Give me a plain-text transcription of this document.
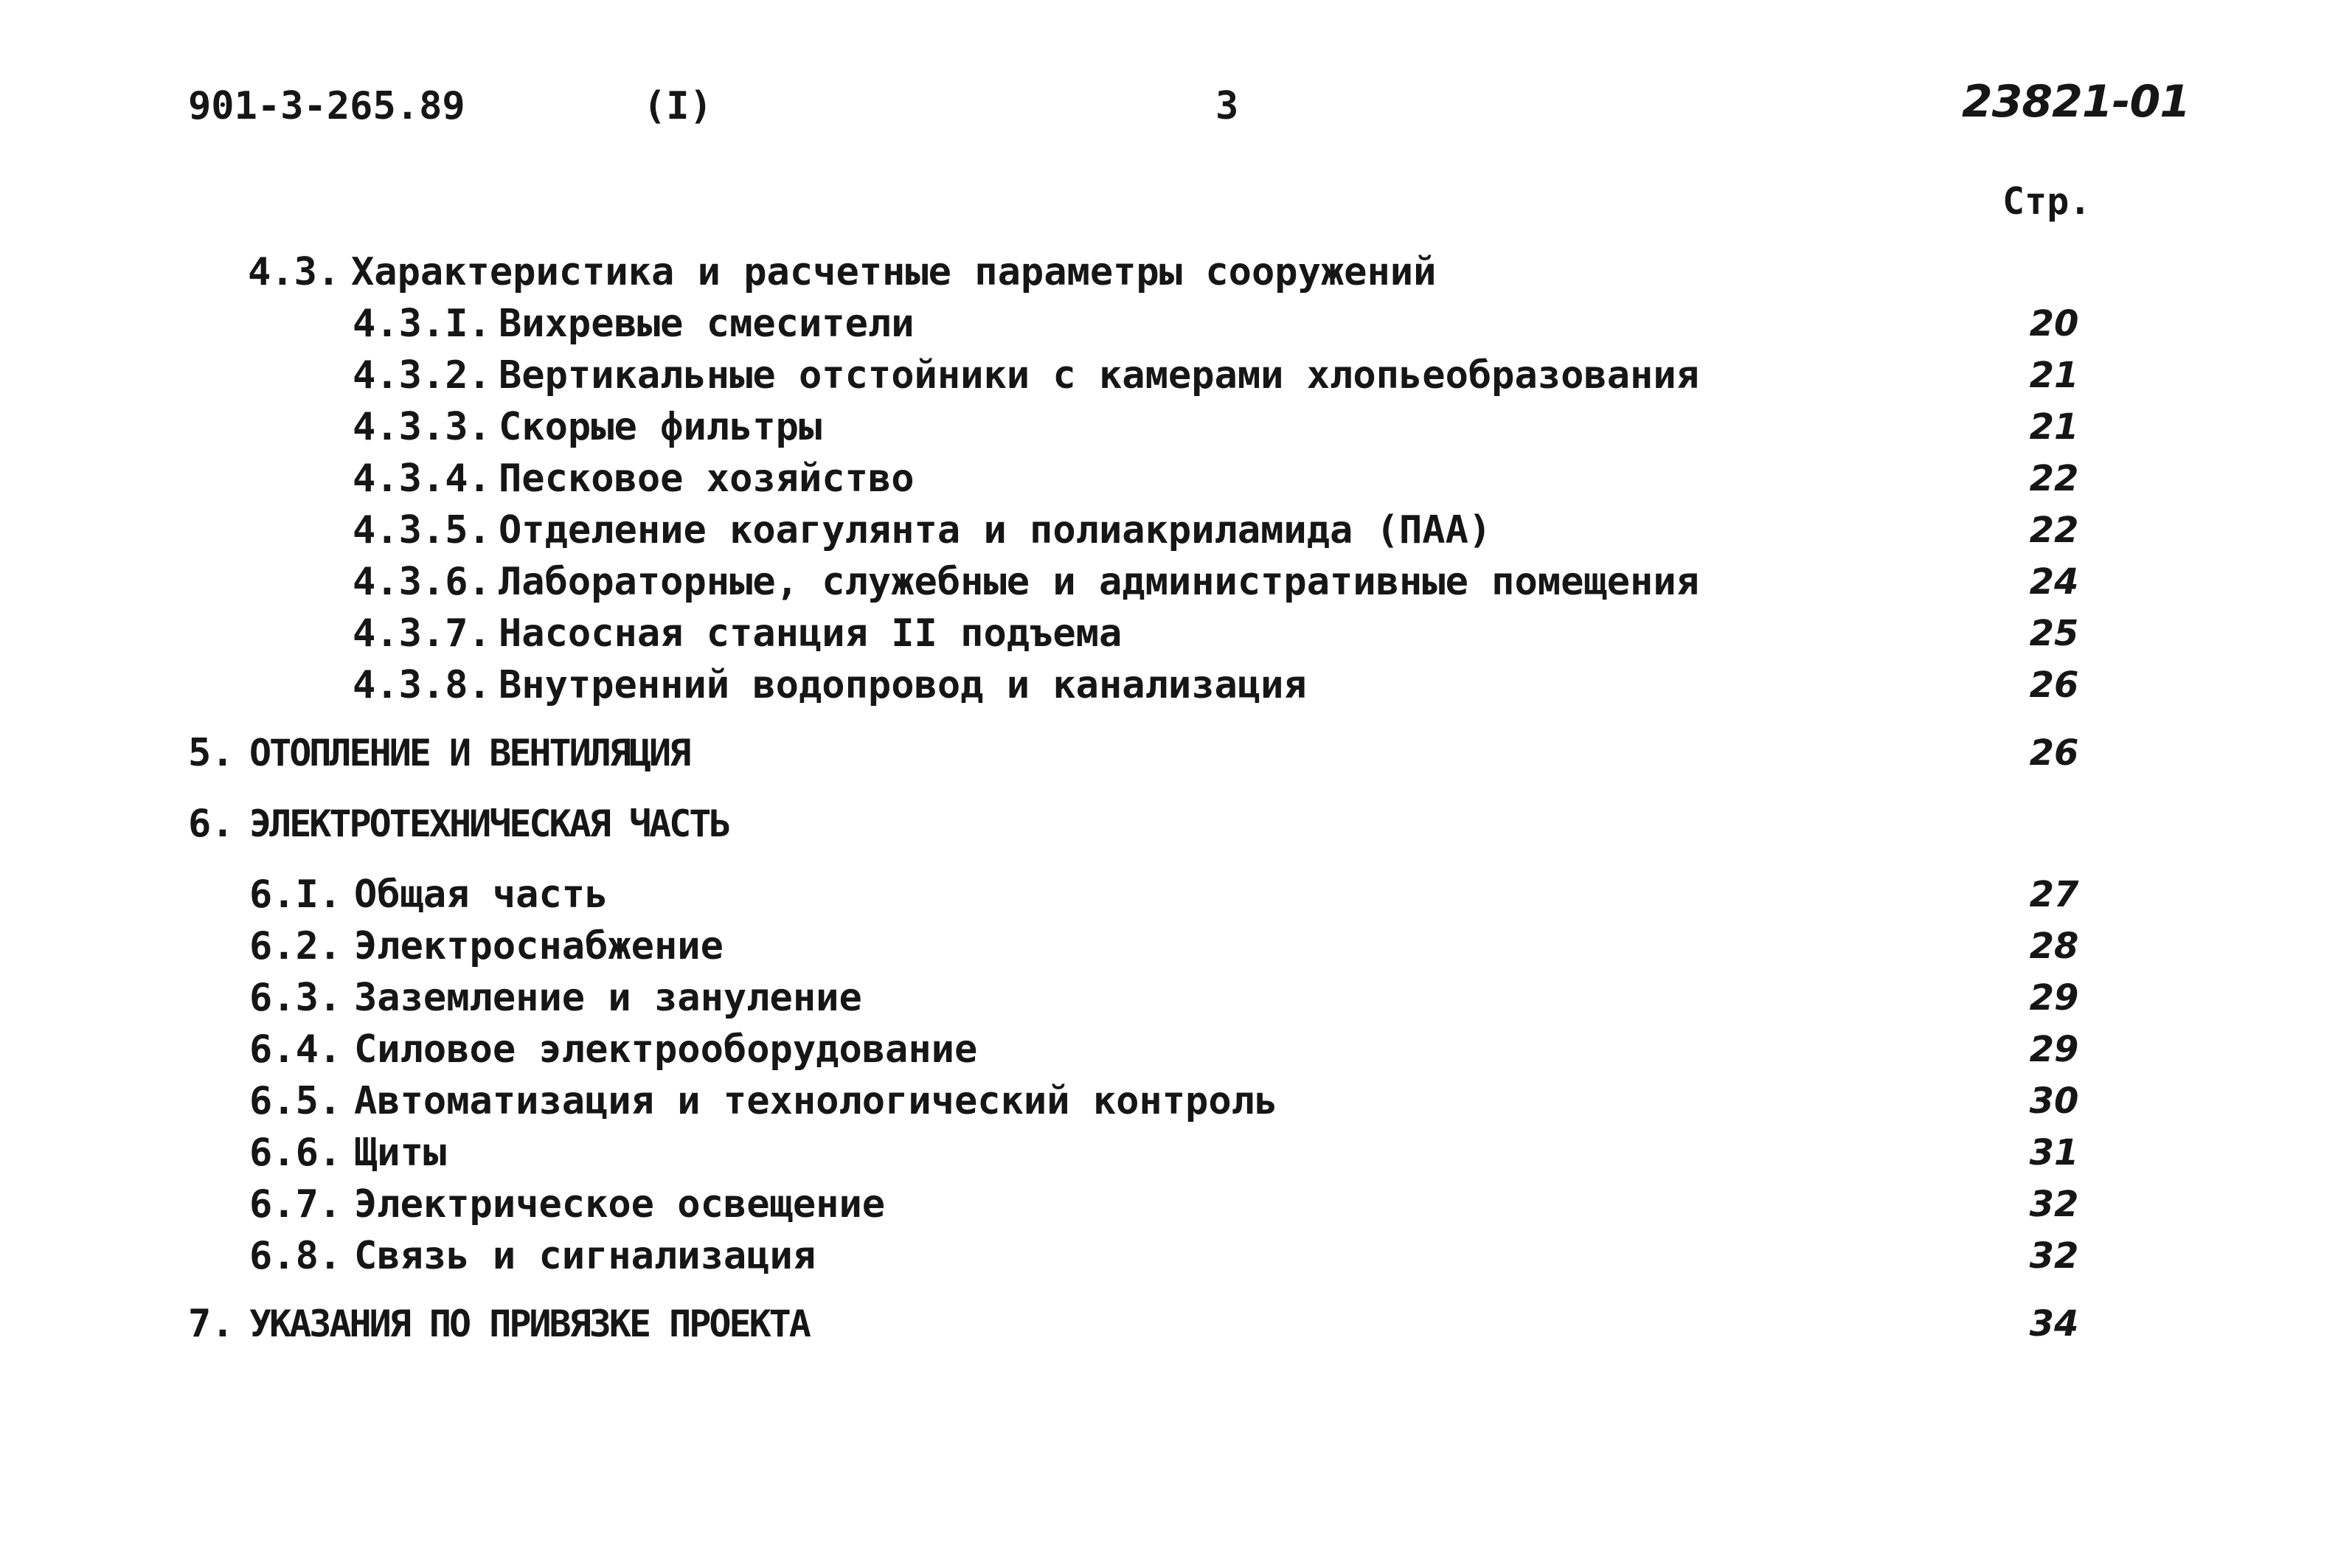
901-3-265.89	(I)	3	23821-01
Стр.
4.3. Характеристика и расчетные параметры сооружений
4.3.I. Вихревые смесители	20
4.3.2. Вертикальные отстойники с камерами хлопьеобразования	21
4.3.3. Скорые фильтры	21
4.3.4. Песковое хозяйство	22
4.3.5. Отделение коагулянта и полиакриламида (ПАА)	22
4.3.6. Лабораторные, служебные и административные помещения	24
4.3.7. Насосная станция II подъема	25
4.3.8. Внутренний водопровод и канализация	26
5. ОТОПЛЕНИЕ И ВЕНТИЛЯЦИЯ	26
6. ЭЛЕКТРОТЕХНИЧЕСКАЯ ЧАСТЬ
6.I. Общая часть	27
6.2. Электроснабжение	28
6.3. Заземление и зануление	29
6.4. Силовое электрооборудование	29
6.5. Автоматизация и технологический контроль	30
6.6. Щиты	31
6.7. Электрическое освещение	32
6.8. Связь и сигнализация	32
7. УКАЗАНИЯ ПО ПРИВЯЗКЕ ПРОЕКТА	34
